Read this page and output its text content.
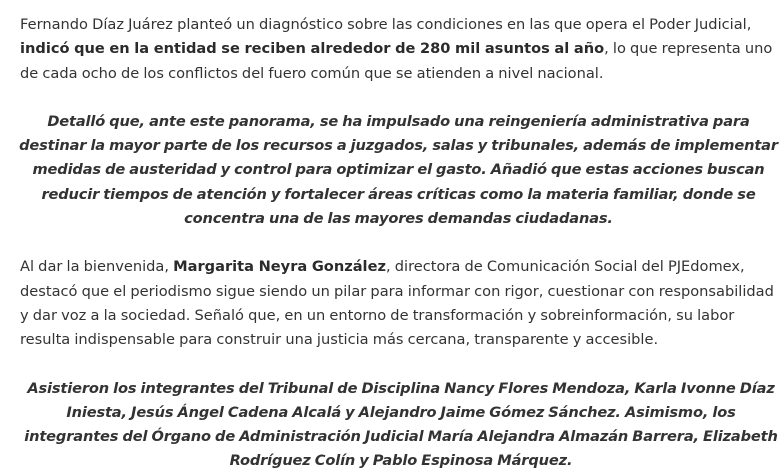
Fernando Díaz Juárez planteó un diagnóstico sobre las condiciones en las que opera el Poder Judicial, indicó que en la entidad se reciben alrededor de 280 mil asuntos al año, lo que representa uno de cada ocho de los conflictos del fuero común que se atienden a nivel nacional.

Detalló que, ante este panorama, se ha impulsado una reingeniería administrativa para destinar la mayor parte de los recursos a juzgados, salas y tribunales, además de implementar medidas de austeridad y control para optimizar el gasto. Añadió que estas acciones buscan reducir tiempos de atención y fortalecer áreas críticas como la materia familiar, donde se concentra una de las mayores demandas ciudadanas.

Al dar la bienvenida, Margarita Neyra González, directora de Comunicación Social del PJEdomex, destacó que el periodismo sigue siendo un pilar para informar con rigor, cuestionar con responsabilidad y dar voz a la sociedad. Señaló que, en un entorno de transformación y sobreinformación, su labor resulta indispensable para construir una justicia más cercana, transparente y accesible.

Asistieron los integrantes del Tribunal de Disciplina Nancy Flores Mendoza, Karla Ivonne Díaz Iniesta, Jesús Ángel Cadena Alcalá y Alejandro Jaime Gómez Sánchez. Asimismo, los integrantes del Órgano de Administración Judicial María Alejandra Almazán Barrera, Elizabeth Rodríguez Colín y Pablo Espinosa Márquez.
